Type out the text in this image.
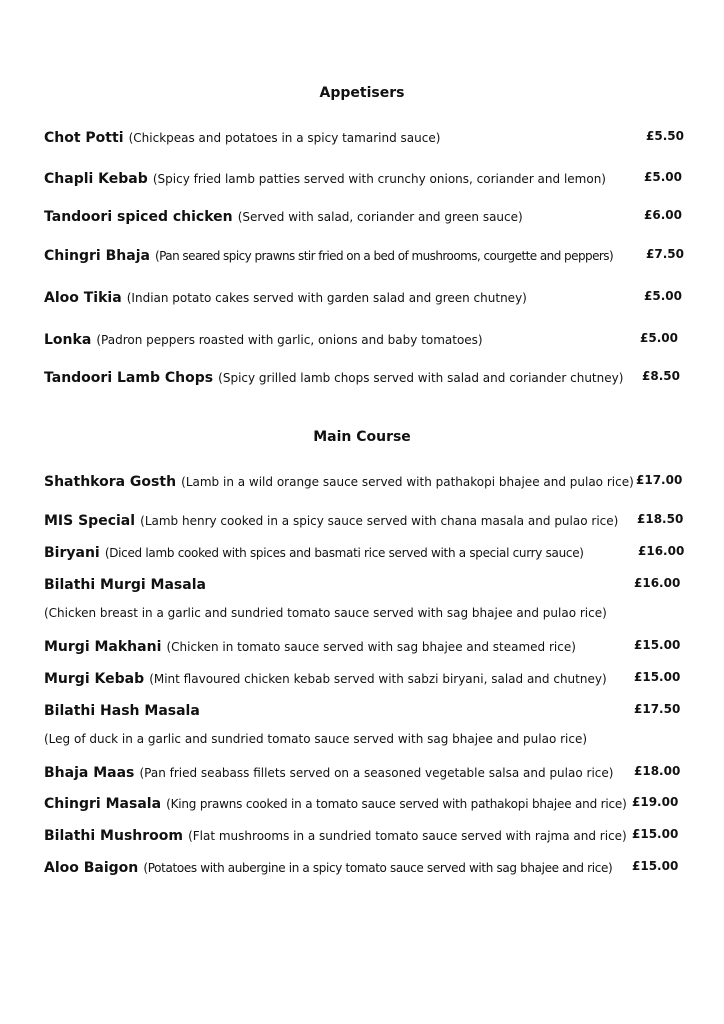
Appetisers
Chot Potti (Chickpeas and potatoes in a spicy tamarind sauce)	£5.50
Chapli Kebab (Spicy fried lamb patties served with crunchy onions, coriander and lemon)	£5.00
Tandoori spiced chicken (Served with salad, coriander and green sauce)	£6.00
Chingri Bhaja (Pan seared spicy prawns stir fried on a bed of mushrooms, courgette and peppers)	£7.50
Aloo Tikia (Indian potato cakes served with garden salad and green chutney)	£5.00
Lonka (Padron peppers roasted with garlic, onions and baby tomatoes)	£5.00
Tandoori Lamb Chops (Spicy grilled lamb chops served with salad and coriander chutney) £8.50
Main Course
Shathkora Gosth (Lamb in a wild orange sauce served with pathakopi bhajee and pulao rice) £17.00
MIS Special (Lamb henry cooked in a spicy sauce served with chana masala and pulao rice) £18.50
Biryani (Diced lamb cooked with spices and basmati rice served with a special curry sauce)	£16.00
Bilathi Murgi Masala	£16.00
(Chicken breast in a garlic and sundried tomato sauce served with sag bhajee and pulao rice)
Murgi Makhani (Chicken in tomato sauce served with sag bhajee and steamed rice)	£15.00
Murgi Kebab (Mint flavoured chicken kebab served with sabzi biryani, salad and chutney) £15.00
Bilathi Hash Masala	£17.50
(Leg of duck in a garlic and sundried tomato sauce served with sag bhajee and pulao rice)
Bhaja Maas (Pan fried seabass fillets served on a seasoned vegetable salsa and pulao rice) £18.00
Chingri Masala (King prawns cooked in a tomato sauce served with pathakopi bhajee and rice) £19.00
Bilathi Mushroom (Flat mushrooms in a sundried tomato sauce served with rajma and rice) £15.00
Aloo Baigon (Potatoes with aubergine in a spicy tomato sauce served with sag bhajee and rice) £15.00
